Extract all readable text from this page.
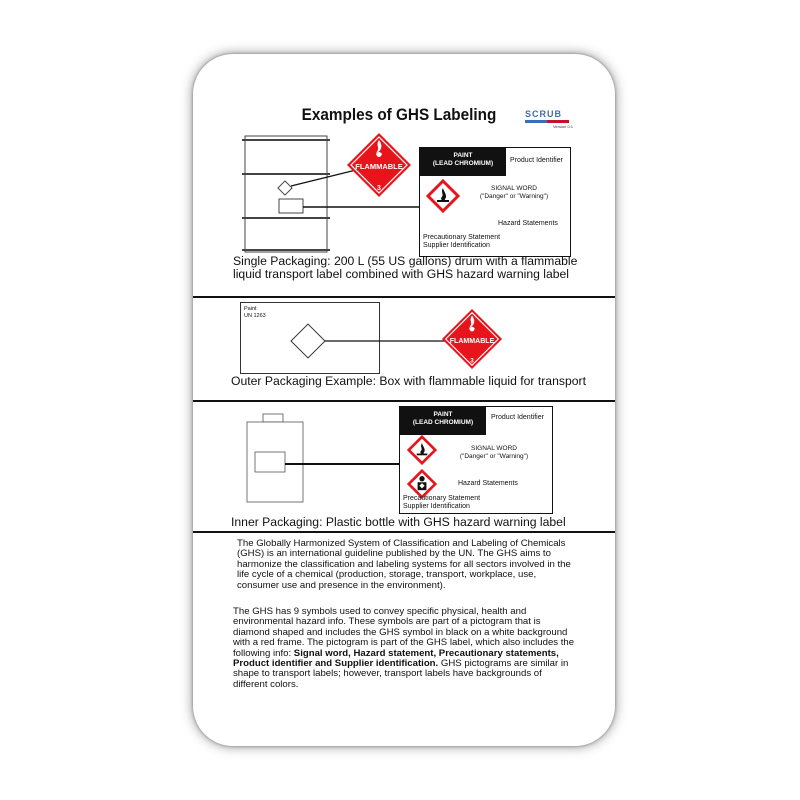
Examples of GHS Labeling	SCRUB
Version 0.1
FLAMMABLE
3
PAINT
(LEAD CHROMIUM)	Product Identifier
SIGNAL WORD
("Danger" or "Warning")
Hazard Statements
Precautionary Statement
Supplier Identification
Single Packaging: 200 L (55 US gallons) drum with a flammable liquid transport label combined with GHS hazard warning label
Paint
UN 1263
FLAMMABLE
3
Outer Packaging Example: Box with flammable liquid for transport
PAINT
(LEAD CHROMIUM)
Product Identifier
SIGNAL WORD
("Danger" or "Warning")
Hazard Statements
Precautionary Statement
Supplier Identification
Inner Packaging: Plastic bottle with GHS hazard warning label
The Globally Harmonized System of Classification and Labeling of Chemicals (GHS) is an international guideline published by the UN. The GHS aims to harmonize the classification and labeling systems for all sectors involved in the life cycle of a chemical (production, storage, transport, workplace, use, consumer use and presence in the environment).
The GHS has 9 symbols used to convey specific physical, health and environmental hazard info. These symbols are part of a pictogram that is diamond shaped and includes the GHS symbol in black on a white background with a red frame. The pictogram is part of the GHS label, which also includes the following info: Signal word, Hazard statement, Precautionary statements, Product identifier and Supplier identification. GHS pictograms are similar in shape to transport labels; however, transport labels have backgrounds of different colors.
